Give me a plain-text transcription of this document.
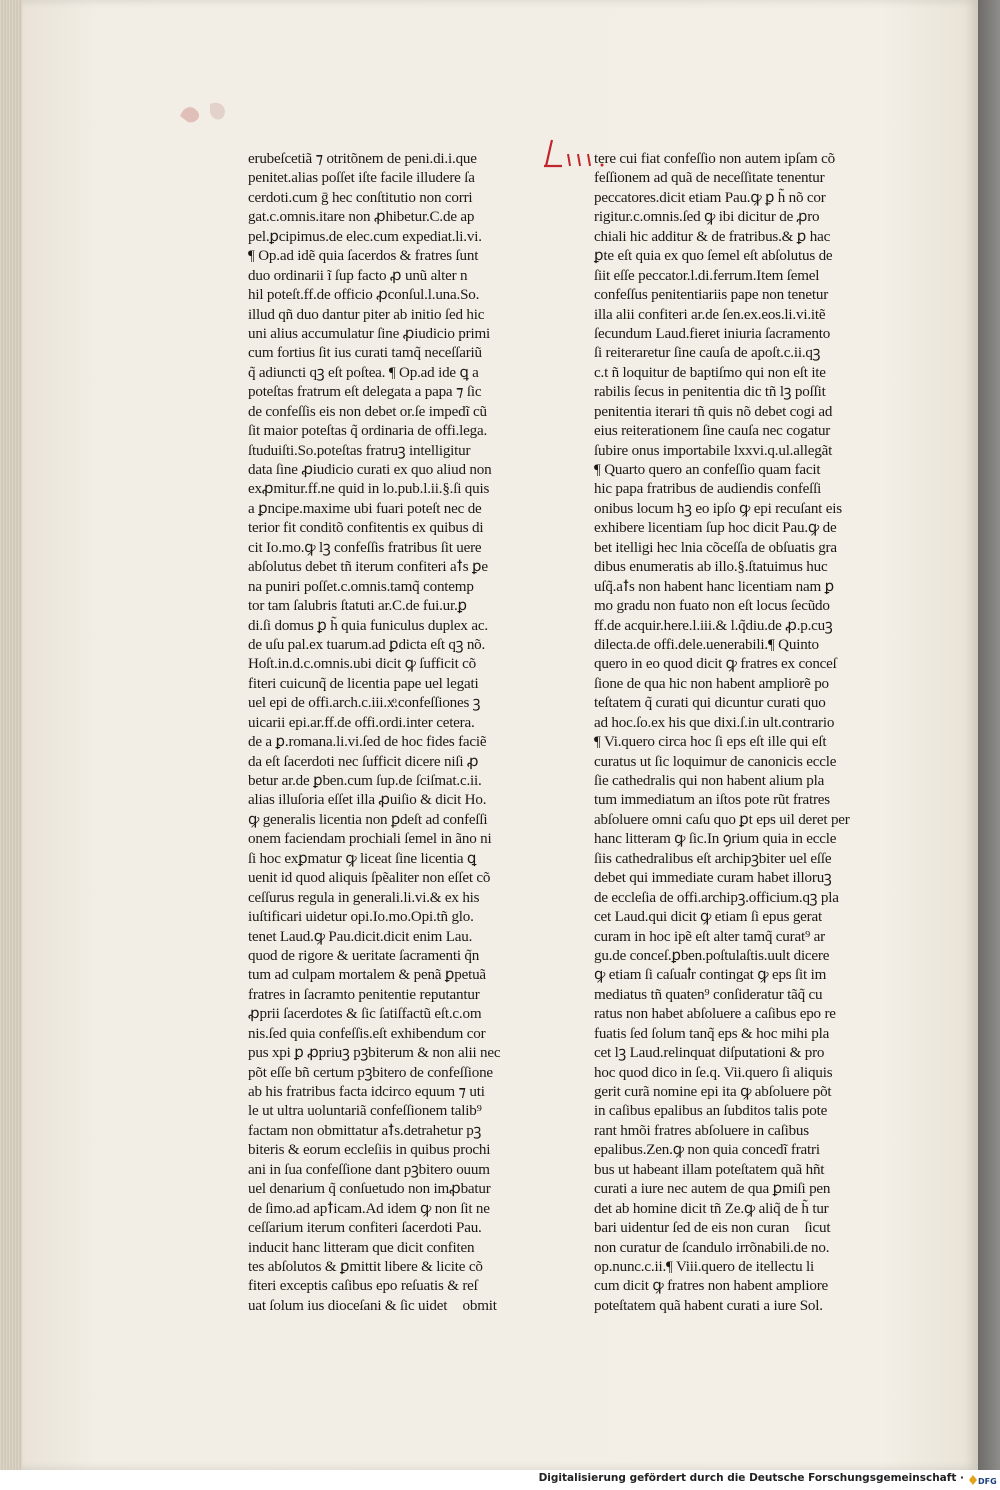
erubeſcetiã ⁊ otritõnem de peni.di.i.que
penitet.alias poſſet iſte facile illudere ſa
cerdoti.cum ḡ hec conſtitutio non corri
gat.c.omnis.itare non ꝓhibetur.C.de ap
pel.ꝑcipimus.de elec.cum expediat.li.vi.
¶ Op.ad idẽ quia ſacerdos & fratres ſunt
duo ordinarii ĩ ſup facto ꝓ unũ alter n
hil poteſt.ff.de officio ꝓconſul.l.una.So.
illud qñ duo dantur piter ab initio ſed hic
uni alius accumulatur ſine ꝓiudicio primi
cum fortius ſit ius curati tamq̃ neceſſariũ
q̃ adiuncti qꝫ eſt poſtea. ¶ Op.ad ide ꝗ a
poteſtas fratrum eſt delegata a papa ⁊ ſic
de confeſſis eis non debet or.ſe impedĩ cũ
ſit maior poteſtas q̃ ordinaria de offi.lega.
ſtuduiſti.So.poteſtas fratruꝫ intelligitur
data ſine ꝓiudicio curati ex quo aliud non
exꝓmitur.ff.ne quid in lo.pub.l.ii.§.ſi quis
a ꝑncipe.maxime ubi fuari poteſt nec de
terior fit conditõ confitentis ex quibus di
cit Io.mo.ꝙ lꝫ confeſſis fratribus ſit uere
abſolutus debet tñ iterum confiteri aꝉs ꝑe
na puniri poſſet.c.omnis.tamq̃ contemp
tor tam ſalubris ſtatuti ar.C.de fui.ur.ꝑ
di.ſi domus ꝑ h̃ quia funiculus duplex ac.
de uſu pal.ex tuarum.ad ꝑdicta eſt qꝫ nõ.
Hoſt.in.d.c.omnis.ubi dicit ꝙ ſufficit cõ
fiteri cuicunq̃ de licentia pape uel legati
uel epi de offi.arch.c.iii.xͦ.confeſſiones ꝫ
uicarii epi.ar.ff.de offi.ordi.inter cetera.
de a ꝑ.romana.li.vi.ſed de hoc fides faciẽ
da eſt ſacerdoti nec ſufficit dicere niſi ꝓ
betur ar.de ꝑben.cum ſup.de ſciſmat.c.ii.
alias illuſoria eſſet illa ꝓuiſio & dicit Ho.
ꝙ generalis licentia non ꝑdeſt ad confeſſi
onem faciendam prochiali ſemel in ãno ni
ſi hoc exꝑmatur ꝙ liceat ſine licentia ꝗ
uenit id quod aliquis ſpẽaliter non eſſet cõ
ceſſurus regula in generali.li.vi.& ex his
iuſtificari uidetur opi.Io.mo.Opi.tñ glo.
tenet Laud.ꝙ Pau.dicit.dicit enim Lau.
quod de rigore & ueritate ſacramenti q̃n
tum ad culpam mortalem & penã ꝑpetuã
fratres in ſacramto penitentie reputantur
ꝓprii ſacerdotes & ſic ſatiſfactũ eſt.c.om
nis.ſed quia confeſſis.eſt exhibendum cor
pus xpi ꝑ ꝓpriuꝫ pꝫbiterum & non alii nec
põt eſſe bñ certum pꝫbitero de confeſſione
ab his fratribus facta idcirco equum ⁊ uti
le ut ultra uoluntariã confeſſionem talib⁹
factam non obmittatur aꝉs.detrahetur pꝫ
biteris & eorum eccleſiis in quibus prochi
ani in ſua confeſſione dant pꝫbitero ouum
uel denarium q̃ conſuetudo non imꝓbatur
de ſimo.ad apꝉicam.Ad idem ꝙ non ſit ne
ceſſarium iterum confiteri ſacerdoti Pau.
inducit hanc litteram que dicit confiten
tes abſolutos & ꝑmittit libere & licite cõ
fiteri exceptis caſibus epo reſuatis & reſ
uat ſolum ius dioceſani & ſic uidetᷣ obmit
tere cui fiat confeſſio non autem ipſam cõ
feſſionem ad quã de neceſſitate tenentur
peccatores.dicit etiam Pau.ꝙ ꝑ h̃ nõ cor
rigitur.c.omnis.ſed ꝙ ibi dicitur de ꝓro
chiali hic additur & de fratribus.& ꝑ hac
ꝑte eſt quia ex quo ſemel eſt abſolutus de
ſiit eſſe peccator.l.di.ferrum.Item ſemel
confeſſus penitentiariis pape non tenetur
illa alii confiteri ar.de ſen.ex.eos.li.vi.itẽ
ſecundum Laud.fieret iniuria ſacramento
ſi reiteraretur ſine cauſa de apoſt.c.ii.qꝫ
c.t ñ loquitur de baptiſmo qui non eſt ite
rabilis ſecus in penitentia dic tñ lꝫ poſſit
penitentia iterari tñ quis nõ debet cogi ad
eius reiterationem ſine cauſa nec cogatur
ſubire onus importabile lxxvi.q.ul.allegãt
¶ Quarto quero an confeſſio quam facit
hic papa fratribus de audiendis confeſſi
onibus locum hꝫ eo ipſo ꝙ epi recuſant eis
exhibere licentiam ſup hoc dicit Pau.ꝙ de
bet itelligi hec lnia cõceſſa de obſuatis gra
dibus enumeratis ab illo.§.ſtatuimus huc
uſq̃.aꝉs non habent hanc licentiam nam ꝑ
mo gradu non fuato non eſt locus ſecũdo
ff.de acquir.here.l.iii.& l.q̃diu.de ꝓ.p.cuꝫ
dilecta.de offi.dele.uenerabili.¶ Quinto
quero in eo quod dicit ꝙ fratres ex conceſ
ſione de qua hic non habent ampliorẽ po
teſtatem q̃ curati qui dicuntur curati quo
ad hoc.ſo.ex his que dixi.ſ.in ult.contrario
¶ Vi.quero circa hoc ſi eps eſt ille qui eſt
curatus ut ſic loquimur de canonicis eccle
ſie cathedralis qui non habent alium pla
tum immediatum an iſtos pote rũt fratres
abſoluere omni caſu quo ꝑt eps uil deret per
hanc litteram ꝙ ſic.In ꝯrium quia in eccle
ſiis cathedralibus eſt archipꝫbiter uel eſſe
debet qui immediate curam habet illoruꝫ
de eccleſia de offi.archipꝫ.officium.qꝫ pla
cet Laud.qui dicit ꝙ etiam ſi epus gerat
curam in hoc ipẽ eſt alter tamq̃ curat⁹ ar
gu.de conceſ.ꝑben.poſtulaſtis.uult dicere
ꝙ etiam ſi caſuaꝉr contingat ꝙ eps ſit im
mediatus tñ quaten⁹ conſideratur tãq̃ cu
ratus non habet abſoluere a caſibus epo re
fuatis ſed ſolum tanq̃ eps & hoc mihi pla
cet lꝫ Laud.relinquat diſputationi & pro
hoc quod dico in ſe.q. Vii.quero ſi aliquis
gerit curã nomine epi ita ꝙ abſoluere põt
in caſibus epalibus an ſubditos talis pote
rant hmõi fratres abſoluere in caſibus
epalibus.Zen.ꝙ non quia concedĩ fratri
bus ut habeant illam poteſtatem quã hñt
curati a iure nec autem de qua ꝑmiſi pen
det ab homine dicit tñ Ze.ꝙ aliq̃ de h̃ tur
bari uidentur ſed de eis non curanᷣ ſicut
non curatur de ſcandulo irrõnabili.de no.
op.nunc.c.ii.¶ Viii.quero de itellectu li
cum dicit ꝙ fratres non habent ampliore
poteſtatem quã habent curati a iure Sol.
Digitalisierung gefördert durch die Deutsche Forschungsgemeinschaft · DFG
